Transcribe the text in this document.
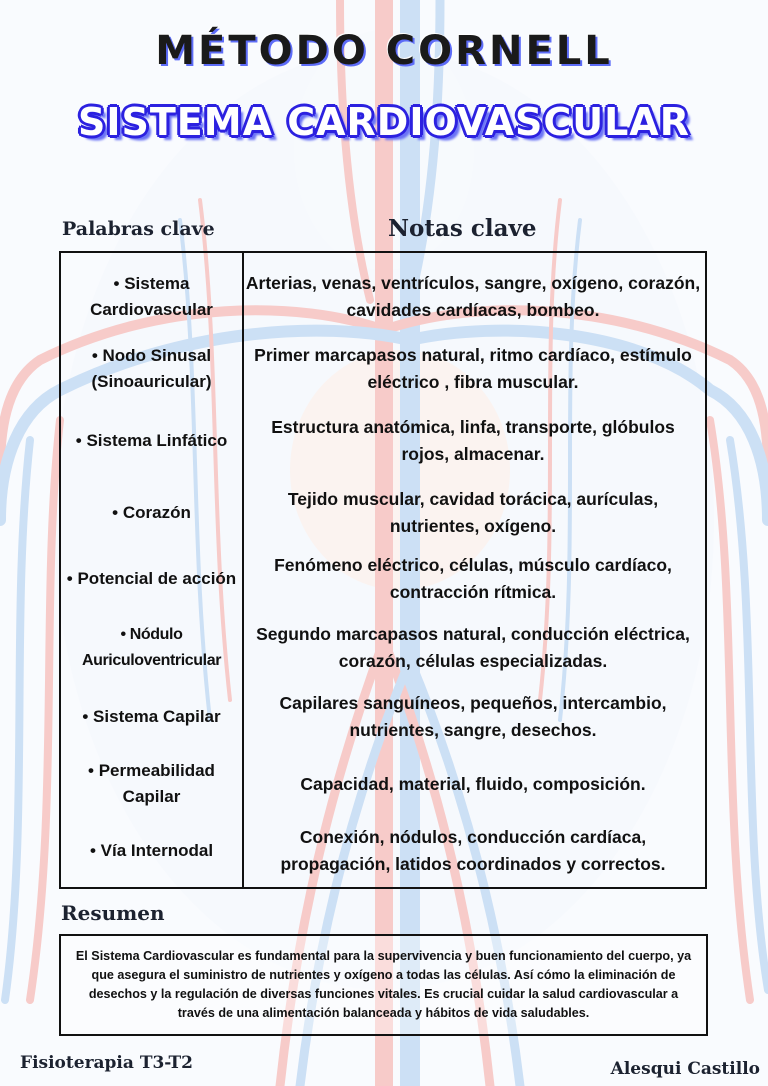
MÉTODO CORNELL
SISTEMA CARDIOVASCULAR
Palabras clave	Notas clave
• Sistema Cardiovascular
Arterias, venas, ventrículos, sangre, oxígeno, corazón, cavidades cardíacas, bombeo.
• Nodo Sinusal (Sinoauricular)
Primer marcapasos natural, ritmo cardíaco, estímulo eléctrico , fibra muscular.
• Sistema Linfático
Estructura anatómica, linfa, transporte, glóbulos rojos, almacenar.
• Corazón
Tejido muscular, cavidad torácica, aurículas, nutrientes, oxígeno.
• Potencial de acción
Fenómeno eléctrico, células, músculo cardíaco, contracción rítmica.
• Nódulo Auriculoventricular
Segundo marcapasos natural, conducción eléctrica, corazón, células especializadas.
• Sistema Capilar
Capilares sanguíneos, pequeños, intercambio, nutrientes, sangre, desechos.
• Permeabilidad Capilar
Capacidad, material, fluido, composición.
• Vía Internodal
Conexión, nódulos, conducción cardíaca, propagación, latidos coordinados y correctos.
Resumen

El Sistema Cardiovascular es fundamental para la supervivencia y buen funcionamiento del cuerpo, ya que asegura el suministro de nutrientes y oxígeno a todas las células. Así cómo la eliminación de desechos y la regulación de diversas funciones vitales. Es crucial cuidar la salud cardiovascular a través de una alimentación balanceada y hábitos de vida saludables.

Fisioterapia T3-T2	Alesqui Castillo
